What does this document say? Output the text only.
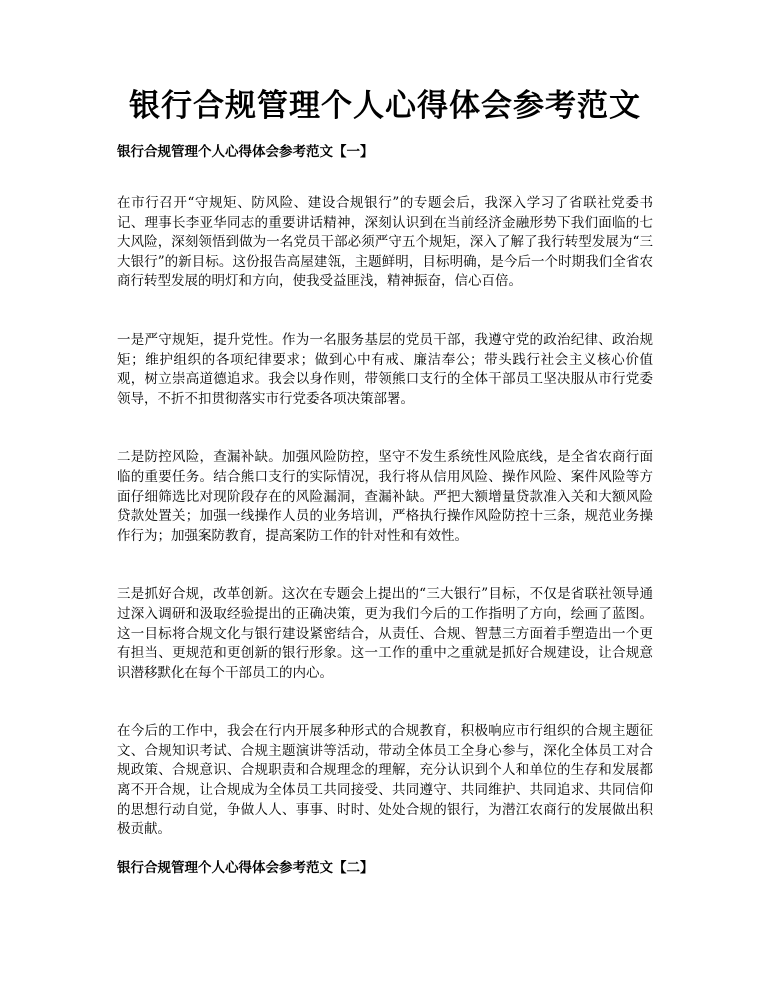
银行合规管理个人心得体会参考范文

银行合规管理个人心得体会参考范文【一】

在市行召开“守规矩、防风险、建设合规银行”的专题会后，我深入学习了省联社党委书记、理事长李亚华同志的重要讲话精神，深刻认识到在当前经济金融形势下我们面临的七大风险，深刻领悟到做为一名党员干部必须严守五个规矩，深入了解了我行转型发展为“三大银行”的新目标。这份报告高屋建瓴，主题鲜明，目标明确，是今后一个时期我们全省农商行转型发展的明灯和方向，使我受益匪浅，精神振奋，信心百倍。

一是严守规矩，提升党性。作为一名服务基层的党员干部，我遵守党的政治纪律、政治规矩；维护组织的各项纪律要求；做到心中有戒、廉洁奉公；带头践行社会主义核心价值观，树立崇高道德追求。我会以身作则，带领熊口支行的全体干部员工坚决服从市行党委领导，不折不扣贯彻落实市行党委各项决策部署。

二是防控风险，查漏补缺。加强风险防控，坚守不发生系统性风险底线，是全省农商行面临的重要任务。结合熊口支行的实际情况，我行将从信用风险、操作风险、案件风险等方面仔细筛选比对现阶段存在的风险漏洞，查漏补缺。严把大额增量贷款准入关和大额风险贷款处置关；加强一线操作人员的业务培训，严格执行操作风险防控十三条，规范业务操作行为；加强案防教育，提高案防工作的针对性和有效性。

三是抓好合规，改革创新。这次在专题会上提出的“三大银行”目标，不仅是省联社领导通过深入调研和汲取经验提出的正确决策，更为我们今后的工作指明了方向，绘画了蓝图。这一目标将合规文化与银行建设紧密结合，从责任、合规、智慧三方面着手塑造出一个更有担当、更规范和更创新的银行形象。这一工作的重中之重就是抓好合规建设，让合规意识潜移默化在每个干部员工的内心。

在今后的工作中，我会在行内开展多种形式的合规教育，积极响应市行组织的合规主题征文、合规知识考试、合规主题演讲等活动，带动全体员工全身心参与，深化全体员工对合规政策、合规意识、合规职责和合规理念的理解，充分认识到个人和单位的生存和发展都离不开合规，让合规成为全体员工共同接受、共同遵守、共同维护、共同追求、共同信仰的思想行动自觉，争做人人、事事、时时、处处合规的银行，为潜江农商行的发展做出积极贡献。

银行合规管理个人心得体会参考范文【二】
